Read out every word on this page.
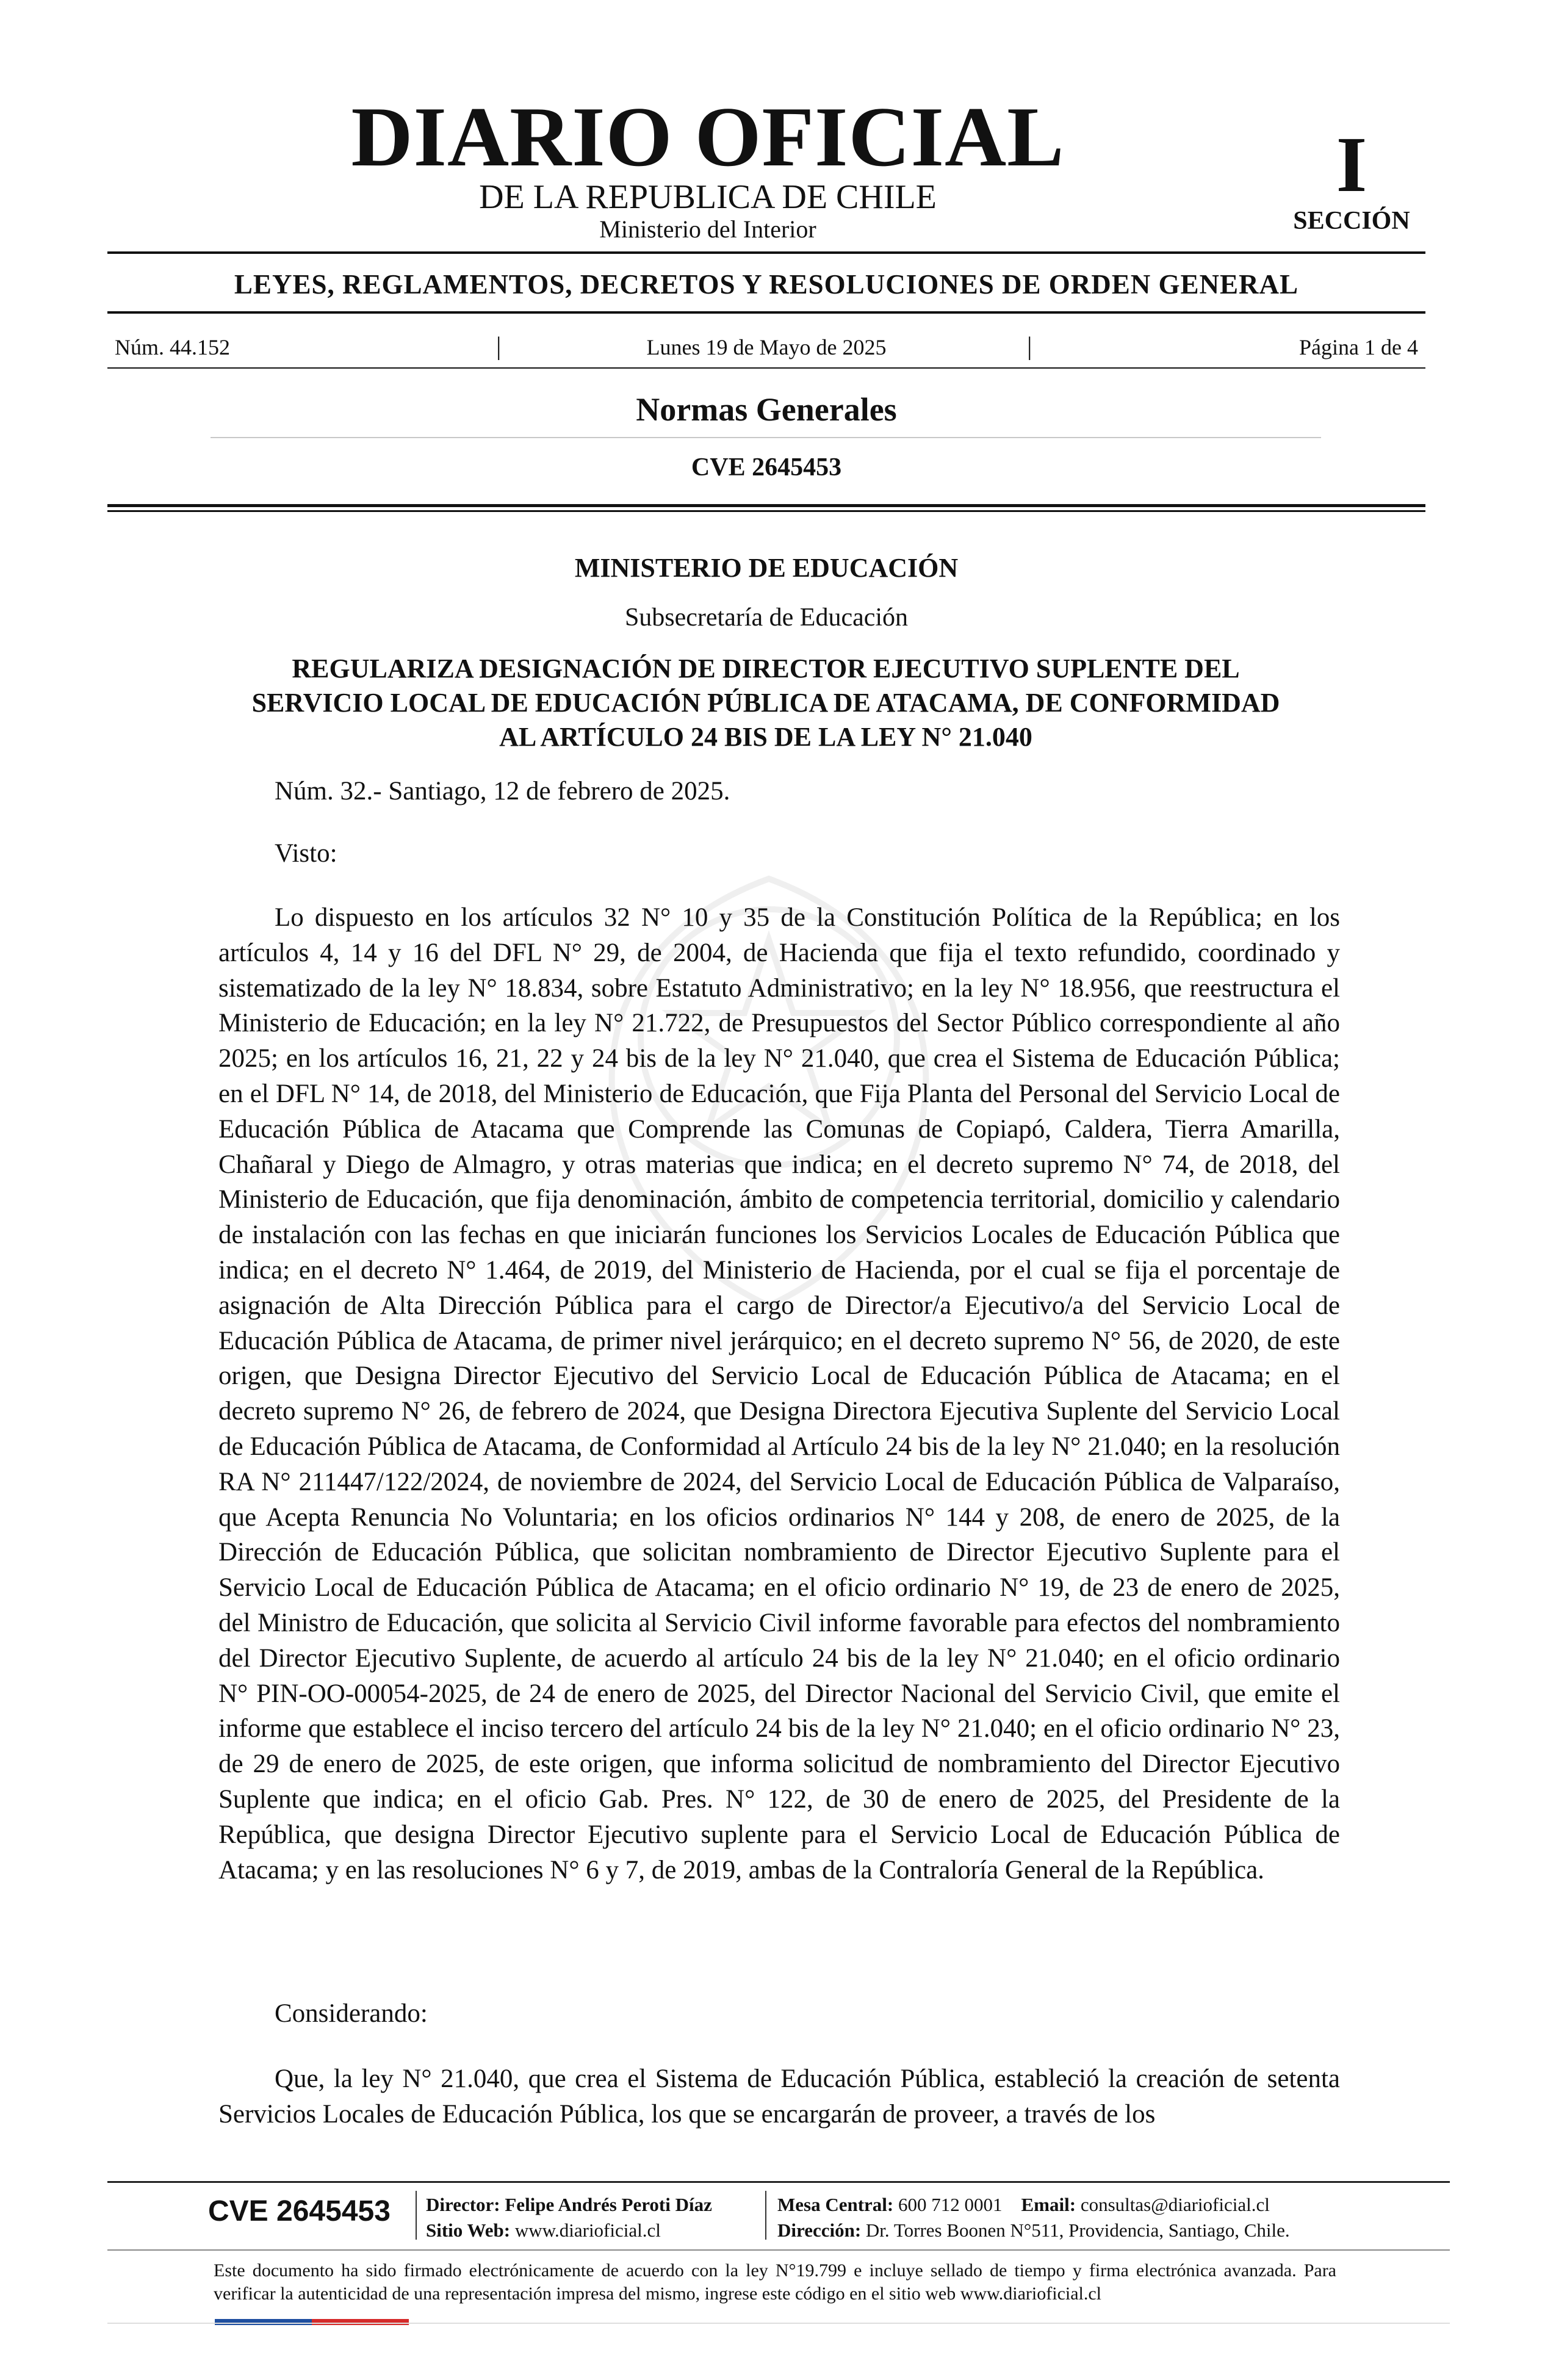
DIARIO OFICIAL
DE LA REPUBLICA DE CHILE
Ministerio del Interior
I
SECCIÓN
LEYES, REGLAMENTOS, DECRETOS Y RESOLUCIONES DE ORDEN GENERAL
Núm. 44.152	|	Lunes 19 de Mayo de 2025	|	Página 1 de 4
Normas Generales
CVE 2645453
MINISTERIO DE EDUCACIÓN
Subsecretaría de Educación
REGULARIZA DESIGNACIÓN DE DIRECTOR EJECUTIVO SUPLENTE DEL
SERVICIO LOCAL DE EDUCACIÓN PÚBLICA DE ATACAMA, DE CONFORMIDAD
AL ARTÍCULO 24 BIS DE LA LEY N° 21.040

Núm. 32.- Santiago, 12 de febrero de 2025.

Visto:

Lo dispuesto en los artículos 32 N° 10 y 35 de la Constitución Política de la República; en los artículos 4, 14 y 16 del DFL N° 29, de 2004, de Hacienda que fija el texto refundido, coordinado y sistematizado de la ley N° 18.834, sobre Estatuto Administrativo; en la ley N° 18.956, que reestructura el Ministerio de Educación; en la ley N° 21.722, de Presupuestos del Sector Público correspondiente al año 2025; en los artículos 16, 21, 22 y 24 bis de la ley N° 21.040, que crea el Sistema de Educación Pública; en el DFL N° 14, de 2018, del Ministerio de Educación, que Fija Planta del Personal del Servicio Local de Educación Pública de Atacama que Comprende las Comunas de Copiapó, Caldera, Tierra Amarilla, Chañaral y Diego de Almagro, y otras materias que indica; en el decreto supremo N° 74, de 2018, del Ministerio de Educación, que fija denominación, ámbito de competencia territorial, domicilio y calendario de instalación con las fechas en que iniciarán funciones los Servicios Locales de Educación Pública que indica; en el decreto N° 1.464, de 2019, del Ministerio de Hacienda, por el cual se fija el porcentaje de asignación de Alta Dirección Pública para el cargo de Director/a Ejecutivo/a del Servicio Local de Educación Pública de Atacama, de primer nivel jerárquico; en el decreto supremo N° 56, de 2020, de este origen, que Designa Director Ejecutivo del Servicio Local de Educación Pública de Atacama; en el decreto supremo N° 26, de febrero de 2024, que Designa Directora Ejecutiva Suplente del Servicio Local de Educación Pública de Atacama, de Conformidad al Artículo 24 bis de la ley N° 21.040; en la resolución RA N° 211447/122/2024, de noviembre de 2024, del Servicio Local de Educación Pública de Valparaíso, que Acepta Renuncia No Voluntaria; en los oficios ordinarios N° 144 y 208, de enero de 2025, de la Dirección de Educación Pública, que solicitan nombramiento de Director Ejecutivo Suplente para el Servicio Local de Educación Pública de Atacama; en el oficio ordinario N° 19, de 23 de enero de 2025, del Ministro de Educación, que solicita al Servicio Civil informe favorable para efectos del nombramiento del Director Ejecutivo Suplente, de acuerdo al artículo 24 bis de la ley N° 21.040; en el oficio ordinario N° PIN-OO-00054-2025, de 24 de enero de 2025, del Director Nacional del Servicio Civil, que emite el informe que establece el inciso tercero del artículo 24 bis de la ley N° 21.040; en el oficio ordinario N° 23, de 29 de enero de 2025, de este origen, que informa solicitud de nombramiento del Director Ejecutivo Suplente que indica; en el oficio Gab. Pres. N° 122, de 30 de enero de 2025, del Presidente de la República, que designa Director Ejecutivo suplente para el Servicio Local de Educación Pública de Atacama; y en las resoluciones N° 6 y 7, de 2019, ambas de la Contraloría General de la República.

Considerando:

Que, la ley N° 21.040, que crea el Sistema de Educación Pública, estableció la creación de setenta Servicios Locales de Educación Pública, los que se encargarán de proveer, a través de los

CVE 2645453 Director: Felipe Andrés Peroti Díaz
Sitio Web: www.diarioficial.cl
Mesa Central: 600 712 0001 Email: consultas@diarioficial.cl
Dirección: Dr. Torres Boonen N°511, Providencia, Santiago, Chile.
Este documento ha sido firmado electrónicamente de acuerdo con la ley N°19.799 e incluye sellado de tiempo y firma electrónica avanzada. Para verificar la autenticidad de una representación impresa del mismo, ingrese este código en el sitio web www.diarioficial.cl
